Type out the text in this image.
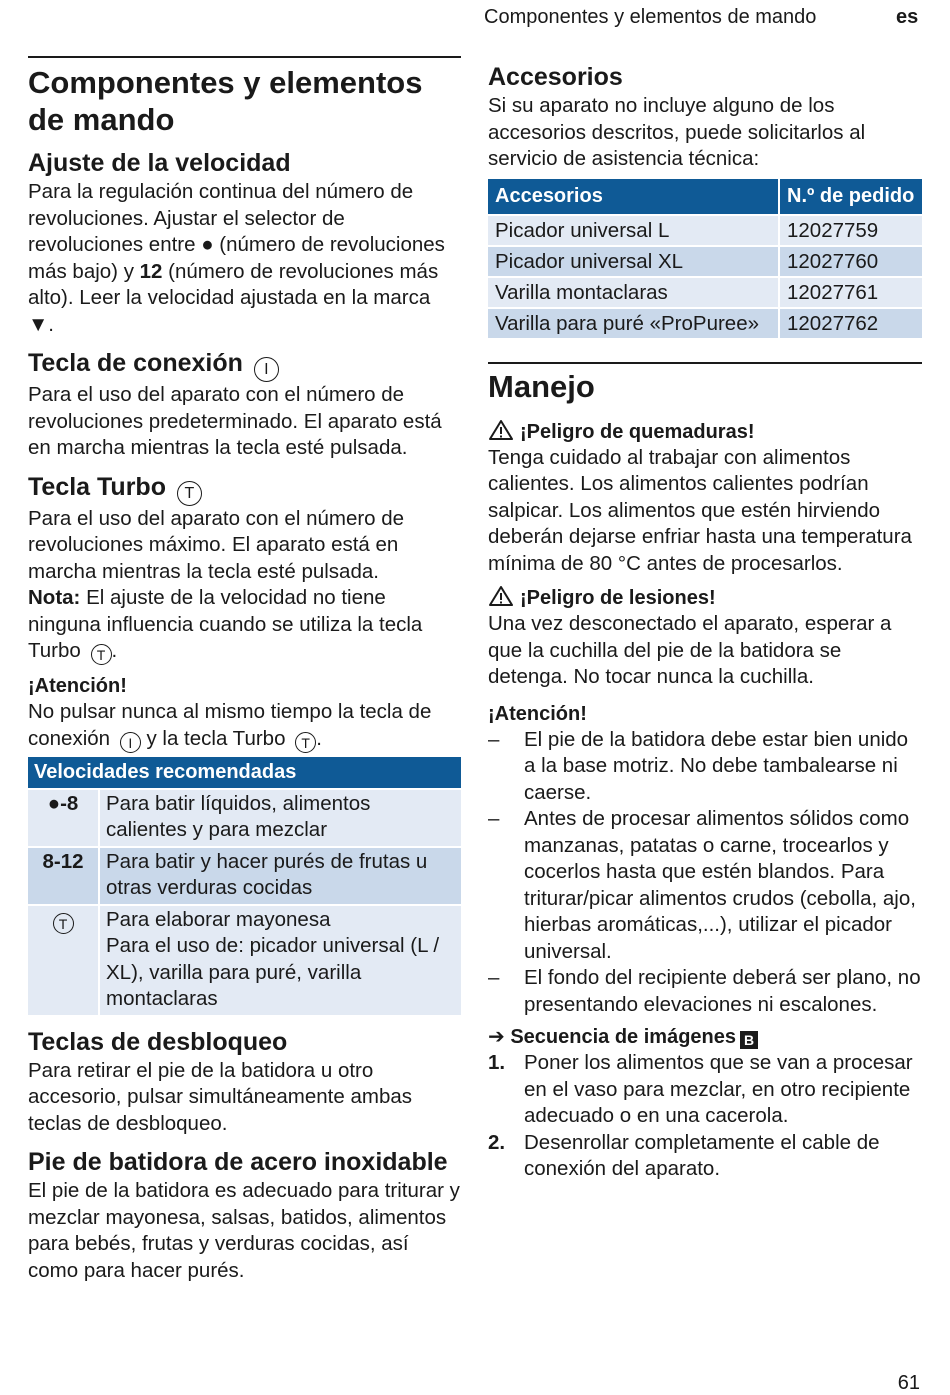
Componentes y elementos de mando	es
Componentes y elementos de mando
Ajuste de la velocidad

Para la regulación continua del número de revoluciones. Ajustar el selector de revoluciones entre ● (número de revoluciones más bajo) y 12 (número de revoluciones más alto). Leer la velocidad ajustada en la marca ▼.

Tecla de conexión I

Para el uso del aparato con el número de revoluciones predeterminado. El aparato está en marcha mientras la tecla esté pulsada.

Tecla Turbo T

Para el uso del aparato con el número de revoluciones máximo. El aparato está en marcha mientras la tecla esté pulsada.

Nota: El ajuste de la velocidad no tiene ninguna influencia cuando se utiliza la tecla Turbo T .

¡Atención!

No pulsar nunca al mismo tiempo la tecla de conexión I y la tecla Turbo T .

Velocidades recomendadas	
●-8	Para batir líquidos, alimentos calientes y para mezclar
8-12	Para batir y hacer purés de frutas u otras verduras cocidas
T	Para elaborar mayonesa
Para el uso de: picador universal (L / XL), varilla para puré, varilla montaclaras
Teclas de desbloqueo

Para retirar el pie de la batidora u otro accesorio, pulsar simultáneamente ambas teclas de desbloqueo.

Pie de batidora de acero inoxidable

El pie de la batidora es adecuado para triturar y mezclar mayonesa, salsas, batidos, alimentos para bebés, frutas y verduras cocidas, así como para hacer purés.

Accesorios

Si su aparato no incluye alguno de los accesorios descritos, puede solicitarlos al servicio de asistencia técnica:

Accesorios	N.º de pedido
Picador universal L	12027759
Picador universal XL	12027760
Varilla montaclaras	12027761
Varilla para puré «ProPuree»	12027762
Manejo
¡Peligro de quemaduras!

Tenga cuidado al trabajar con alimentos calientes. Los alimentos calientes podrían salpicar. Los alimentos que estén hirviendo deberán dejarse enfriar hasta una temperatura mínima de 80 °C antes de procesarlos.

¡Peligro de lesiones!

Una vez desconectado el aparato, esperar a que la cuchilla del pie de la batidora se detenga. No tocar nunca la cuchilla.

¡Atención!
– El pie de la batidora debe estar bien unido a la base motriz. No debe tambalearse ni caerse.
– Antes de procesar alimentos sólidos como manzanas, patatas o carne, trocearlos y cocerlos hasta que estén blandos. Para triturar/picar alimentos crudos (cebolla, ajo, hierbas aromáticas,...), utilizar el picador universal.
– El fondo del recipiente deberá ser plano, no presentando elevaciones ni escalones.
➔ Secuencia de imágenes B
1. Poner los alimentos que se van a procesar en el vaso para mezclar, en otro recipiente adecuado o en una cacerola.
2. Desenrollar completamente el cable de conexión del aparato.
61
